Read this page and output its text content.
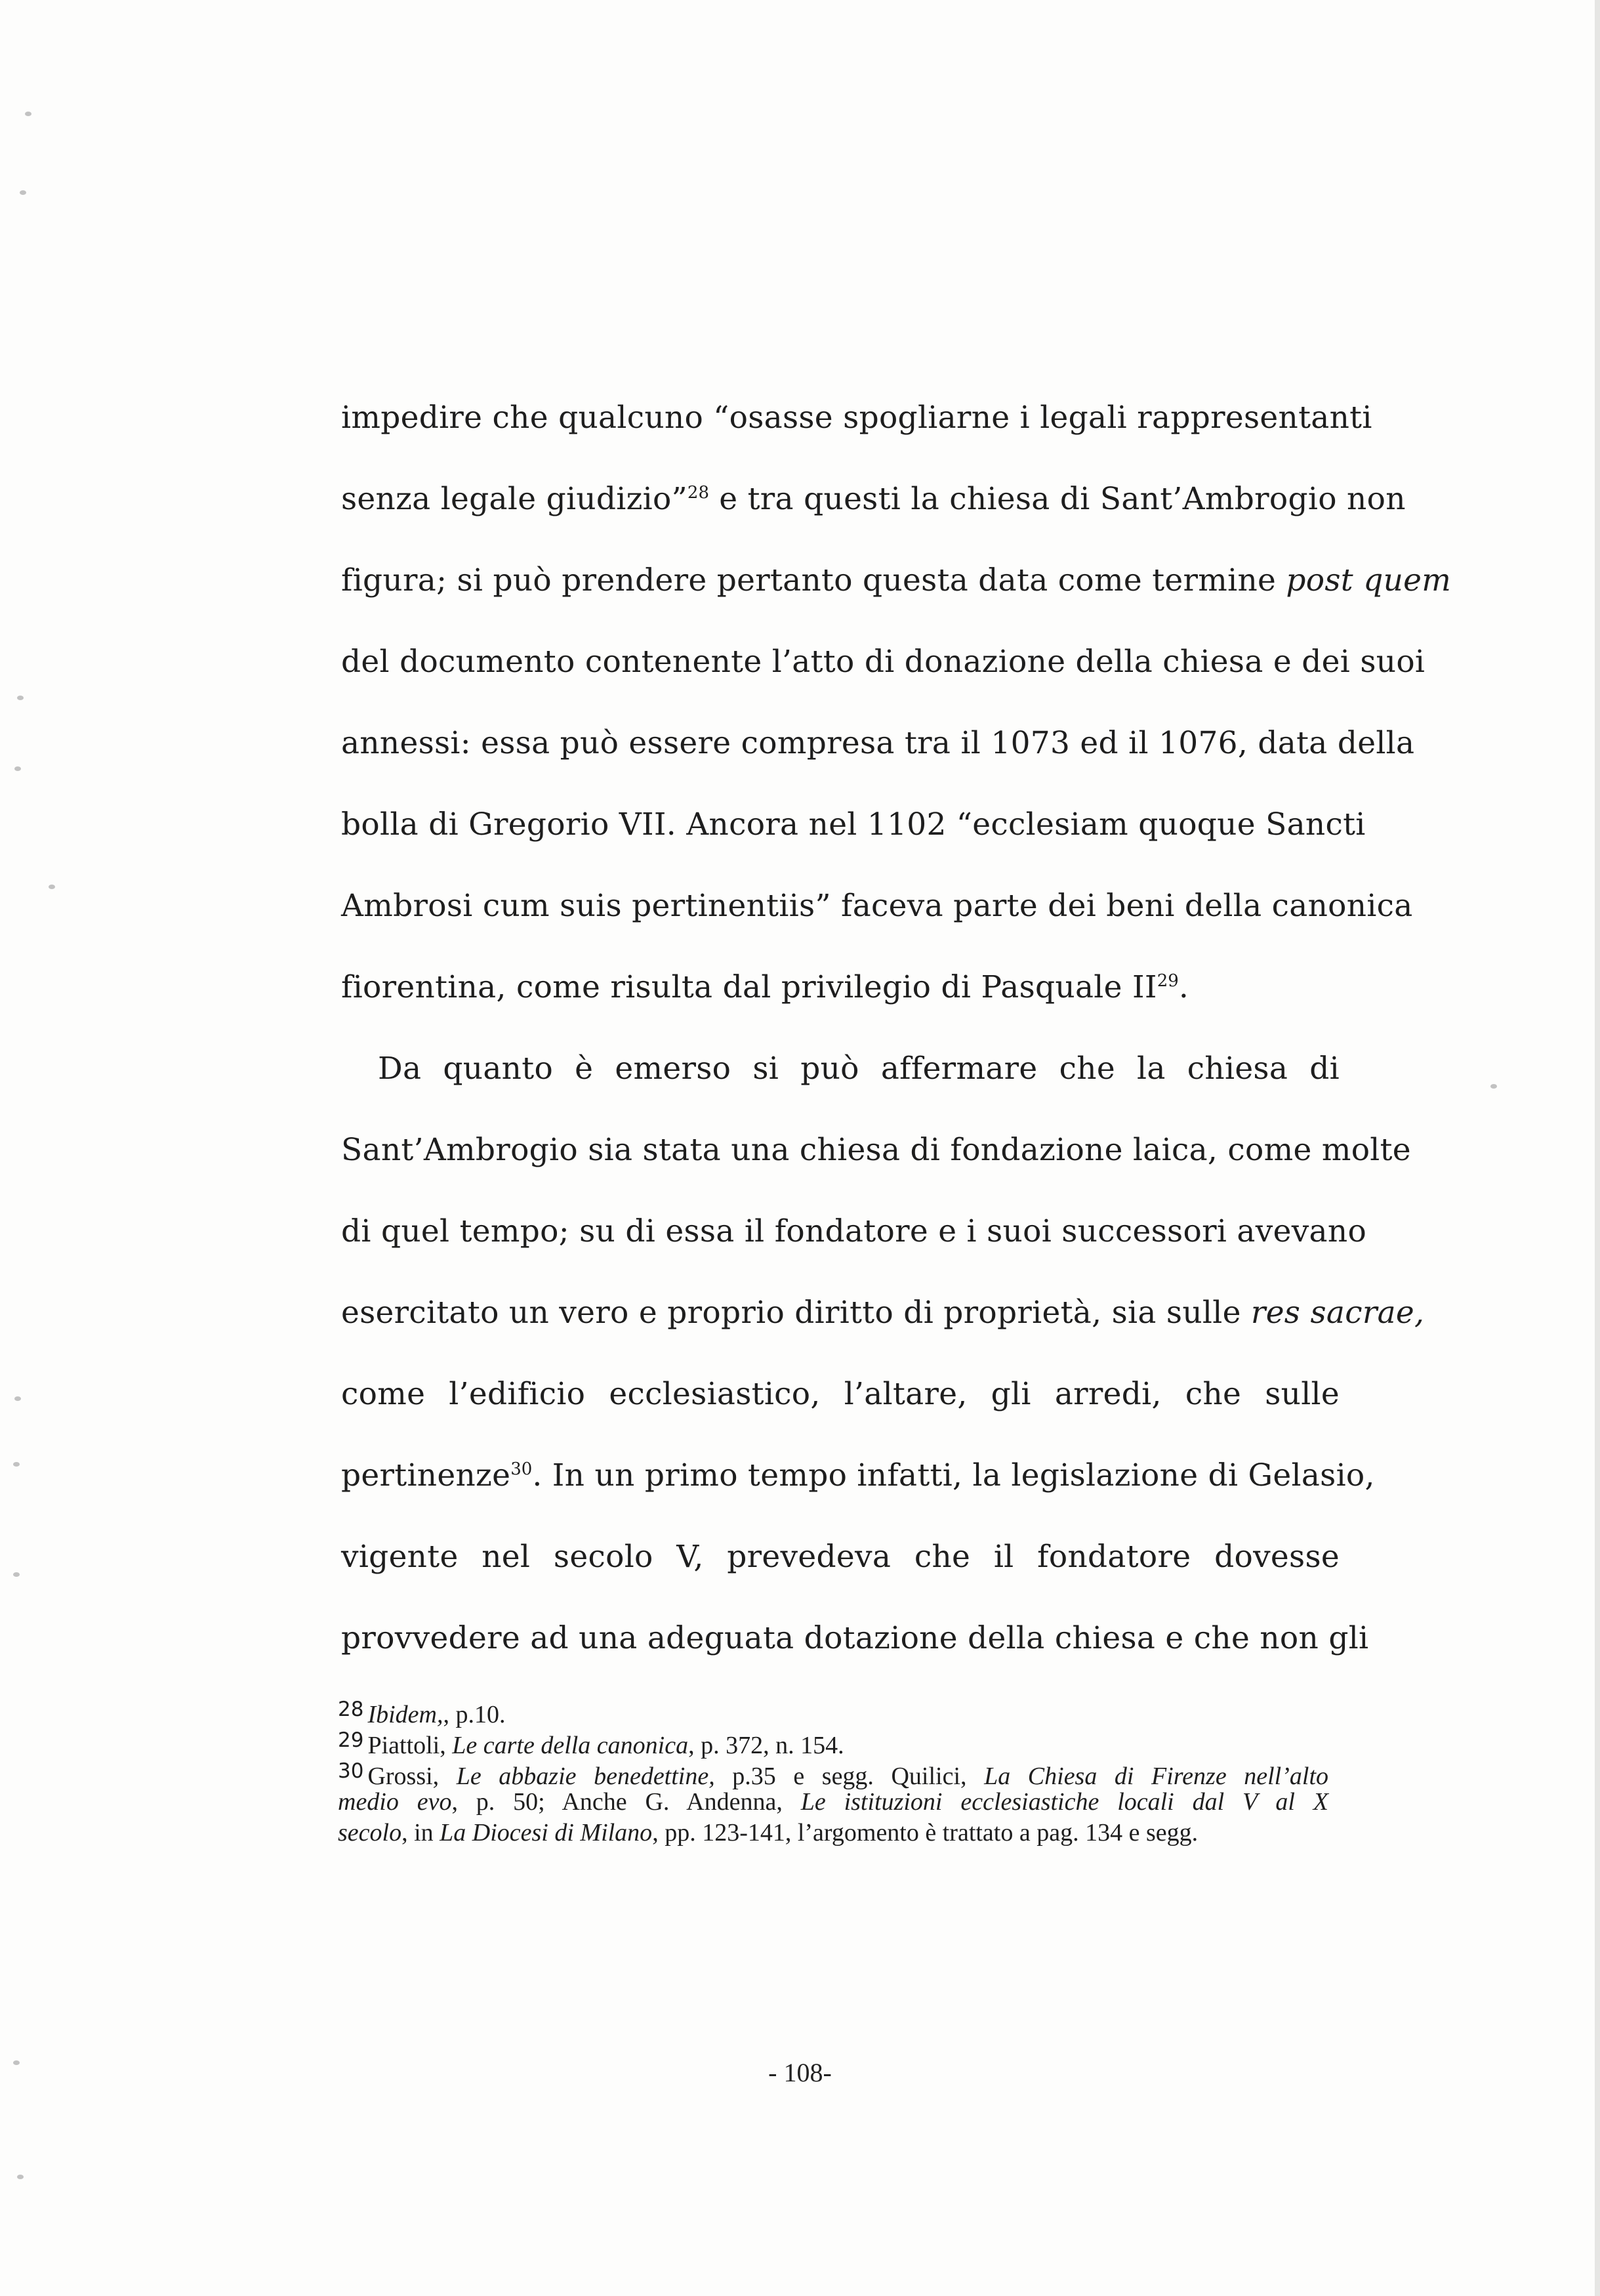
impedire che qualcuno “osasse spogliarne i legali rappresentanti
senza legale giudizio”$^{28}$ e tra questi la chiesa di Sant’Ambrogio non
figura; si può prendere pertanto questa data come termine post quem
del documento contenente l’atto di donazione della chiesa e dei suoi
annessi: essa può essere compresa tra il 1073 ed il 1076, data della
bolla di Gregorio VII. Ancora nel 1102 “ecclesiam quoque Sancti
Ambrosi cum suis pertinentiis” faceva parte dei beni della canonica
fiorentina, come risulta dal privilegio di Pasquale II$^{29}$.
Da quanto è emerso si può affermare che la chiesa di
Sant’Ambrogio sia stata una chiesa di fondazione laica, come molte
di quel tempo; su di essa il fondatore e i suoi successori avevano
esercitato un vero e proprio diritto di proprietà, sia sulle res sacrae,
come l’edificio ecclesiastico, l’altare, gli arredi, che sulle
pertinenze$^{30}$. In un primo tempo infatti, la legislazione di Gelasio,
vigente nel secolo V, prevedeva che il fondatore dovesse
provvedere ad una adeguata dotazione della chiesa e che non gli
$^{28}$ Ibidem,, p.10.
$^{29}$ Piattoli, Le carte della canonica, p. 372, n. 154.
$^{30}$ Grossi, Le abbazie benedettine, p.35 e segg. Quilici, La Chiesa di Firenze nell’alto
medio evo, p. 50; Anche G. Andenna, Le istituzioni ecclesiastiche locali dal V al X
secolo, in La Diocesi di Milano, pp. 123-141, l’argomento è trattato a pag. 134 e segg.
- 108-
